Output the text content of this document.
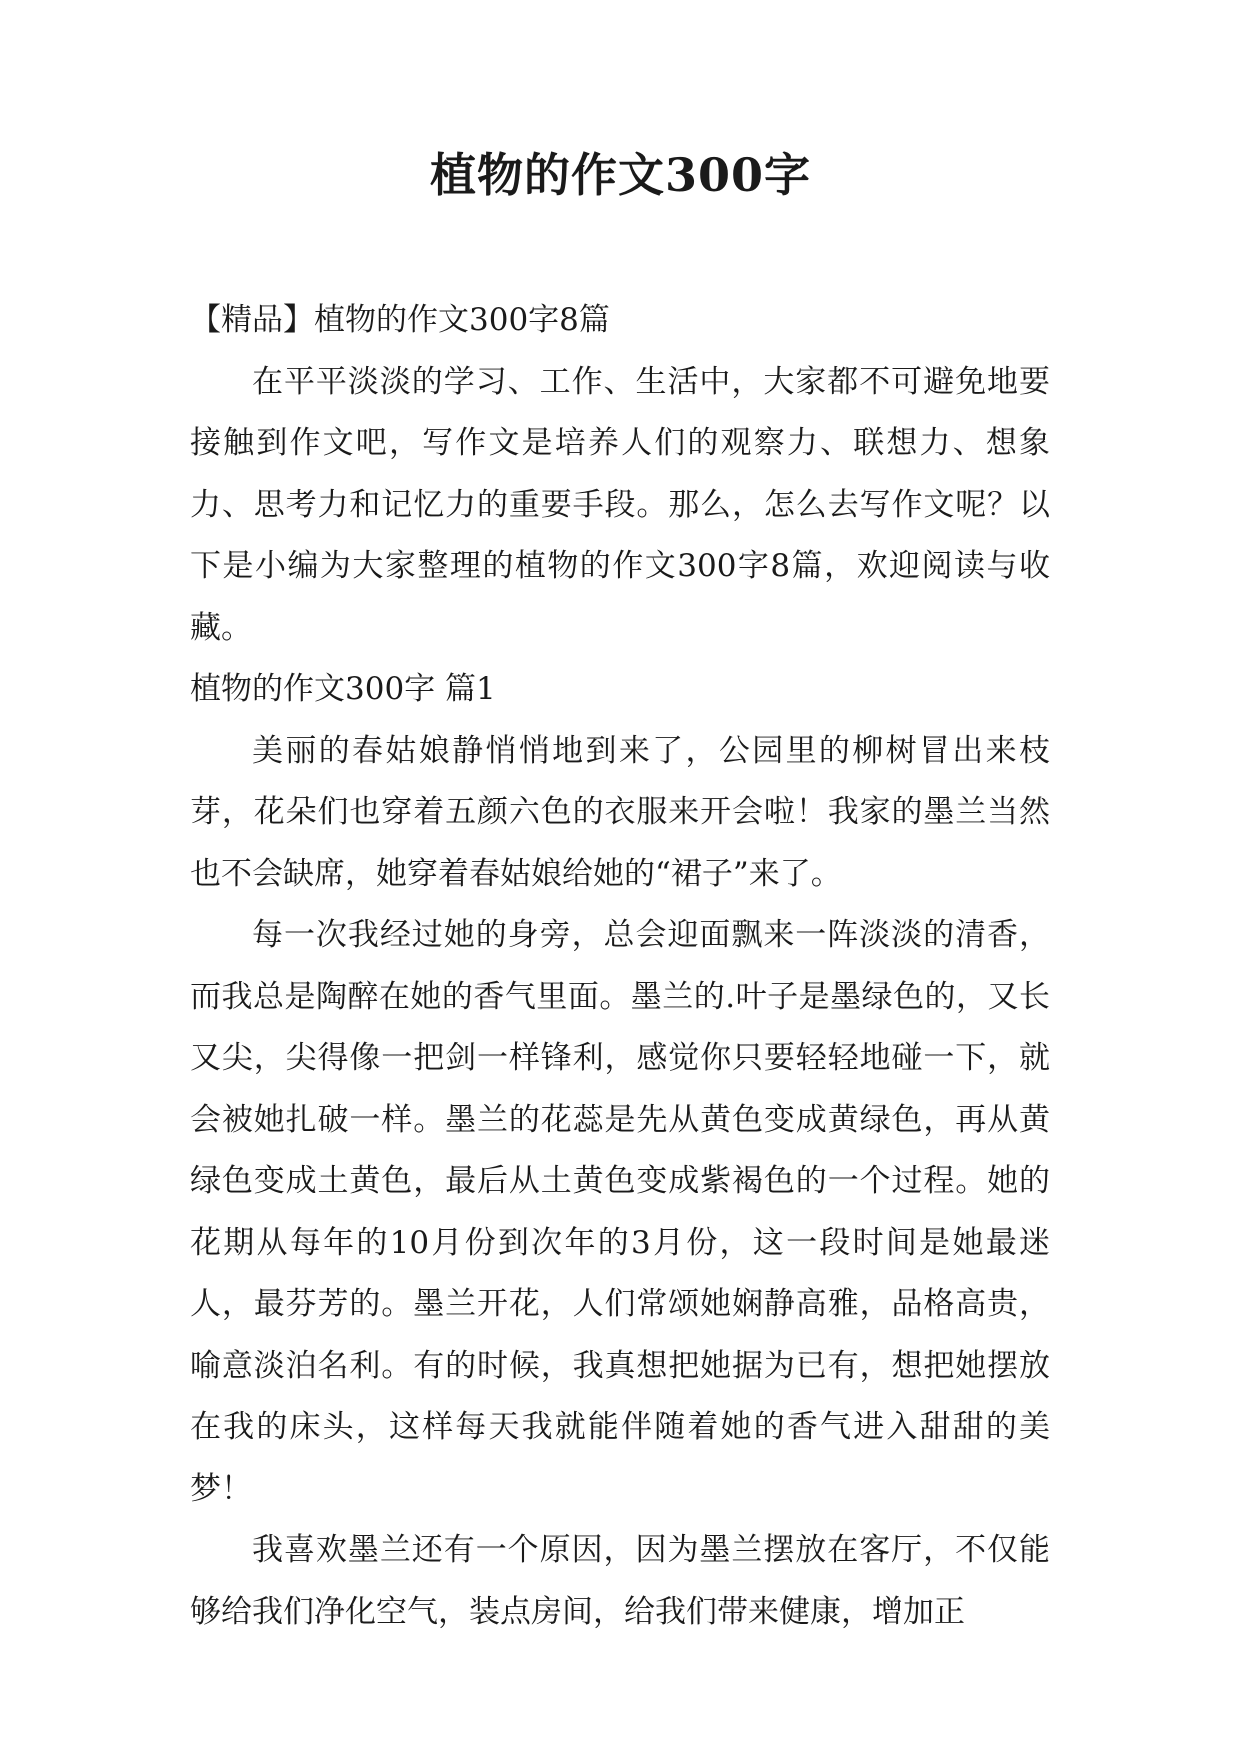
植物的作文300字

【精品】植物的作文300字8篇

在平平淡淡的学习、工作、生活中，大家都不可避免地要接触到作文吧，写作文是培养人们的观察力、联想力、想象力、思考力和记忆力的重要手段。那么，怎么去写作文呢？以下是小编为大家整理的植物的作文300字8篇，欢迎阅读与收藏。

植物的作文300字 篇1

美丽的春姑娘静悄悄地到来了，公园里的柳树冒出来枝芽，花朵们也穿着五颜六色的衣服来开会啦！我家的墨兰当然也不会缺席，她穿着春姑娘给她的“裙子”来了。

每一次我经过她的身旁，总会迎面飘来一阵淡淡的清香，而我总是陶醉在她的香气里面。墨兰的.叶子是墨绿色的，又长又尖，尖得像一把剑一样锋利，感觉你只要轻轻地碰一下，就会被她扎破一样。墨兰的花蕊是先从黄色变成黄绿色，再从黄绿色变成土黄色，最后从土黄色变成紫褐色的一个过程。她的花期从每年的10月份到次年的3月份，这一段时间是她最迷人，最芬芳的。墨兰开花，人们常颂她娴静高雅，品格高贵，喻意淡泊名利。有的时候，我真想把她据为已有，想把她摆放在我的床头，这样每天我就能伴随着她的香气进入甜甜的美梦！

我喜欢墨兰还有一个原因，因为墨兰摆放在客厅，不仅能够给我们净化空气，装点房间，给我们带来健康，增加正
